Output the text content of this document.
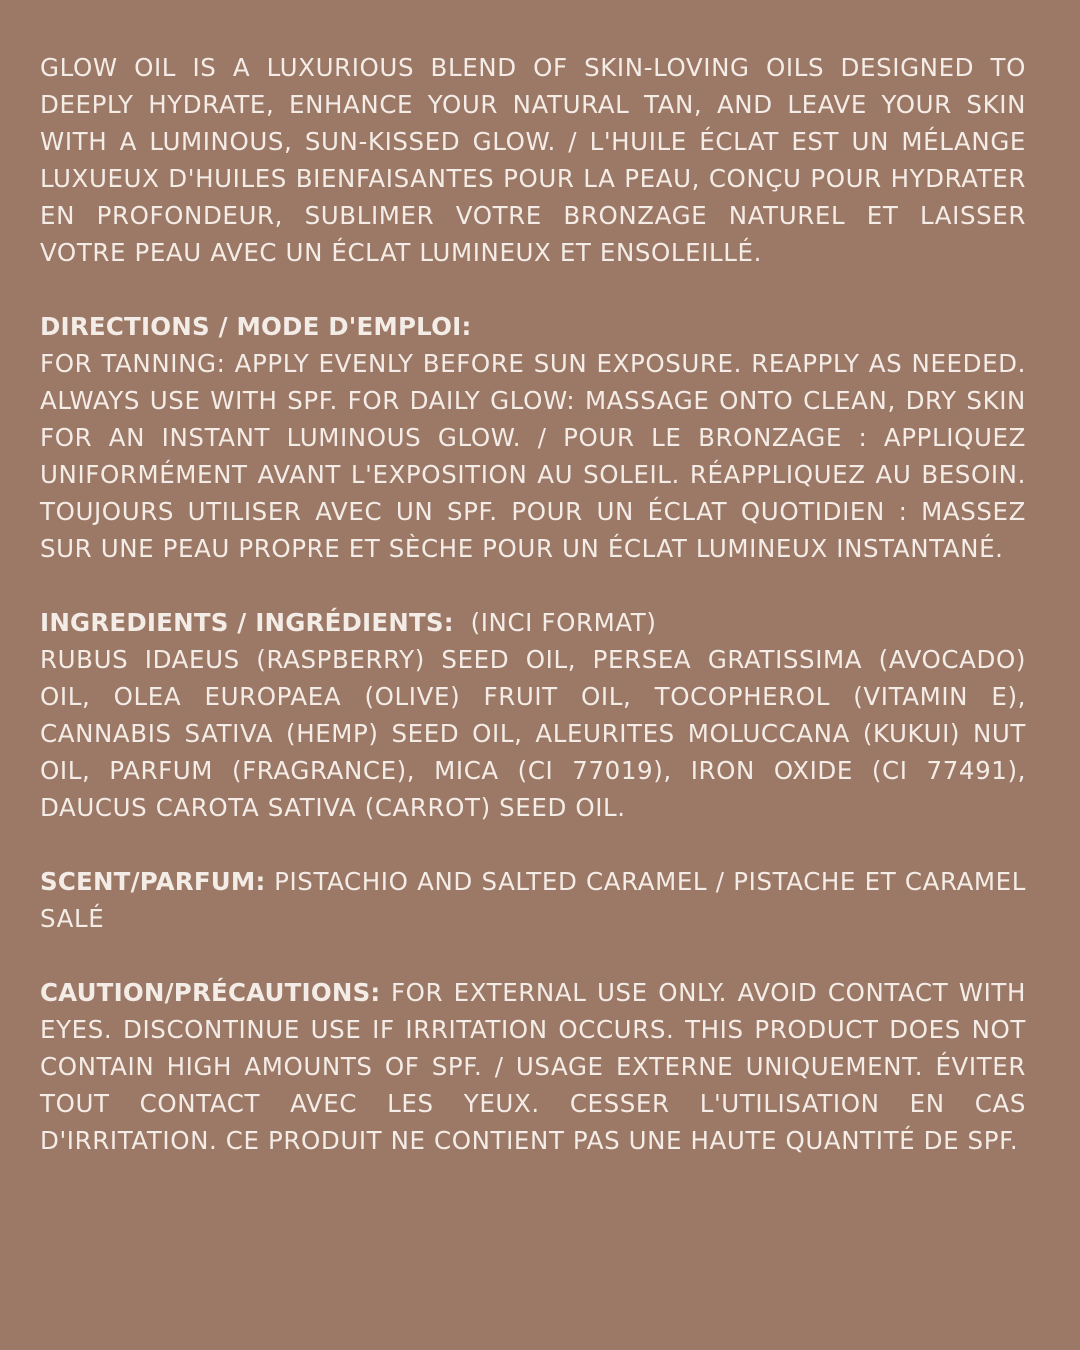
GLOW OIL IS A LUXURIOUS BLEND OF SKIN-LOVING OILS DESIGNED TO DEEPLY HYDRATE, ENHANCE YOUR NATURAL TAN, AND LEAVE YOUR SKIN WITH A LUMINOUS, SUN-KISSED GLOW. / L'HUILE ÉCLAT EST UN MÉLANGE LUXUEUX D'HUILES BIENFAISANTES POUR LA PEAU, CONÇU POUR HYDRATER EN PROFONDEUR, SUBLIMER VOTRE BRONZAGE NATUREL ET LAISSER VOTRE PEAU AVEC UN ÉCLAT LUMINEUX ET ENSOLEILLÉ.

DIRECTIONS / MODE D'EMPLOI:

FOR TANNING: APPLY EVENLY BEFORE SUN EXPOSURE. REAPPLY AS NEEDED. ALWAYS USE WITH SPF. FOR DAILY GLOW: MASSAGE ONTO CLEAN, DRY SKIN FOR AN INSTANT LUMINOUS GLOW. / POUR LE BRONZAGE : APPLIQUEZ UNIFORMÉMENT AVANT L'EXPOSITION AU SOLEIL. RÉAPPLIQUEZ AU BESOIN. TOUJOURS UTILISER AVEC UN SPF. POUR UN ÉCLAT QUOTIDIEN : MASSEZ SUR UNE PEAU PROPRE ET SÈCHE POUR UN ÉCLAT LUMINEUX INSTANTANÉ.

INGREDIENTS / INGRÉDIENTS: (INCI FORMAT)

RUBUS IDAEUS (RASPBERRY) SEED OIL, PERSEA GRATISSIMA (AVOCADO) OIL, OLEA EUROPAEA (OLIVE) FRUIT OIL, TOCOPHEROL (VITAMIN E), CANNABIS SATIVA (HEMP) SEED OIL, ALEURITES MOLUCCANA (KUKUI) NUT OIL, PARFUM (FRAGRANCE), MICA (CI 77019), IRON OXIDE (CI 77491), DAUCUS CAROTA SATIVA (CARROT) SEED OIL.

SCENT/PARFUM: PISTACHIO AND SALTED CARAMEL / PISTACHE ET CARAMEL SALÉ

CAUTION/PRÉCAUTIONS: FOR EXTERNAL USE ONLY. AVOID CONTACT WITH EYES. DISCONTINUE USE IF IRRITATION OCCURS. THIS PRODUCT DOES NOT CONTAIN HIGH AMOUNTS OF SPF. / USAGE EXTERNE UNIQUEMENT. ÉVITER TOUT CONTACT AVEC LES YEUX. CESSER L'UTILISATION EN CAS D'IRRITATION. CE PRODUIT NE CONTIENT PAS UNE HAUTE QUANTITÉ DE SPF.
